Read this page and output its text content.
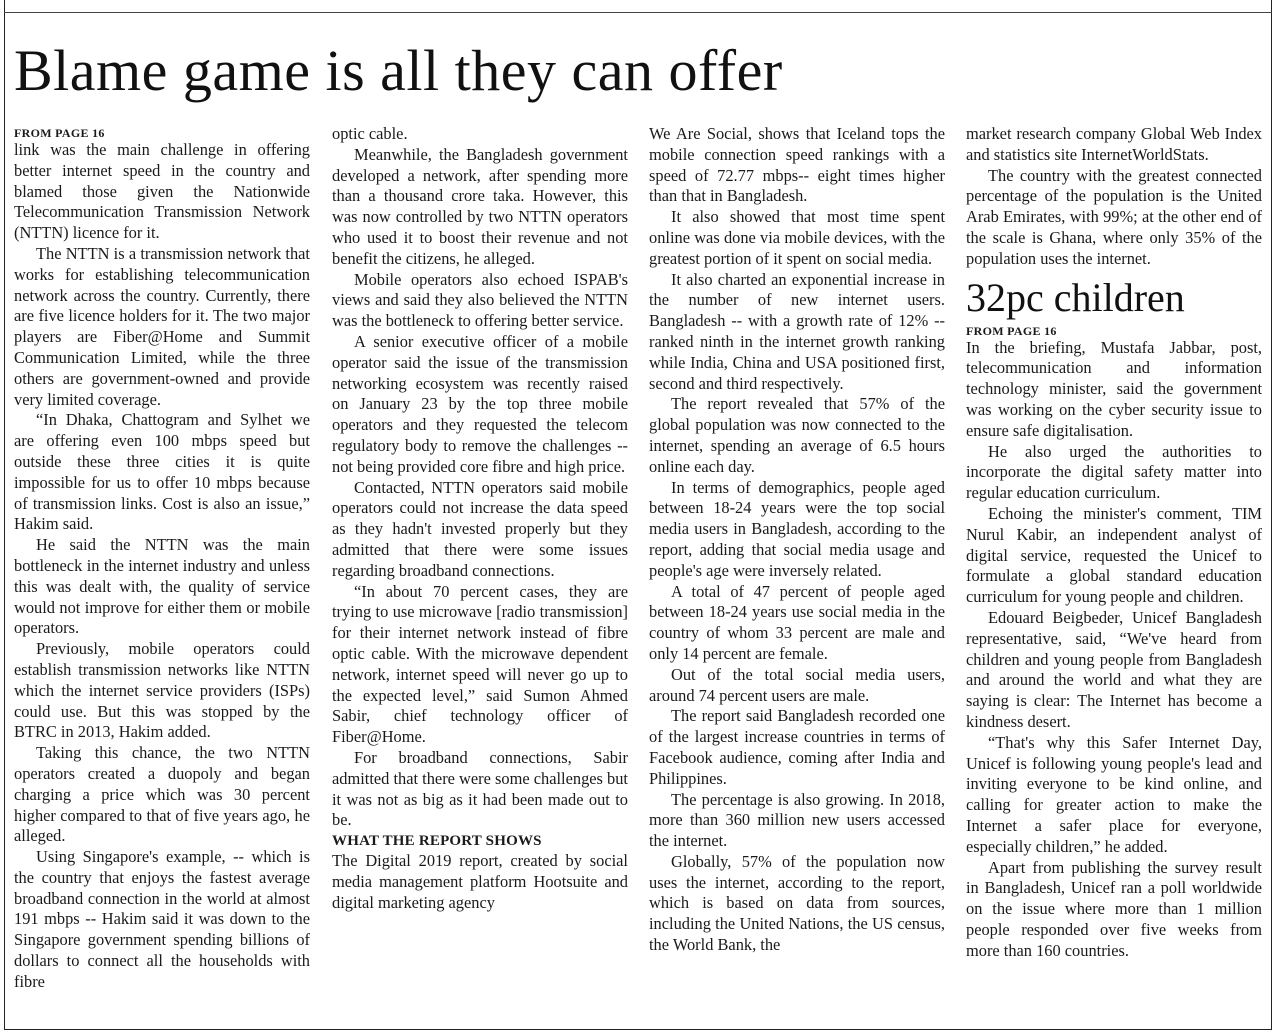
Blame game is all they can offer
FROM PAGE 16

link was the main challenge in offering better internet speed in the country and blamed those given the Nationwide Telecommunication Transmission Network (NTTN) licence for it.

The NTTN is a transmission network that works for establishing telecommunication network across the country. Currently, there are five licence holders for it. The two major players are Fiber@Home and Summit Communication Limited, while the three others are government-owned and provide very limited coverage.

“In Dhaka, Chattogram and Sylhet we are offering even 100 mbps speed but outside these three cities it is quite impossible for us to offer 10 mbps because of transmission links. Cost is also an issue,” Hakim said.

He said the NTTN was the main bottleneck in the internet industry and unless this was dealt with, the quality of service would not improve for either them or mobile operators.

Previously, mobile operators could establish transmission networks like NTTN which the internet service providers (ISPs) could use. But this was stopped by the BTRC in 2013, Hakim added.

Taking this chance, the two NTTN operators created a duopoly and began charging a price which was 30 percent higher compared to that of five years ago, he alleged.

Using Singapore's example, -- which is the country that enjoys the fastest average broadband connection in the world at almost 191 mbps -- Hakim said it was down to the Singapore government spending billions of dollars to connect all the households with fibre

optic cable.

Meanwhile, the Bangladesh government developed a network, after spending more than a thousand crore taka. However, this was now controlled by two NTTN operators who used it to boost their revenue and not benefit the citizens, he alleged.

Mobile operators also echoed ISPAB's views and said they also believed the NTTN was the bottleneck to offering better service.

A senior executive officer of a mobile operator said the issue of the transmission networking ecosystem was recently raised on January 23 by the top three mobile operators and they requested the telecom regulatory body to remove the challenges -- not being provided core fibre and high price.

Contacted, NTTN operators said mobile operators could not increase the data speed as they hadn't invested properly but they admitted that there were some issues regarding broadband connections.

“In about 70 percent cases, they are trying to use microwave [radio transmission] for their internet network instead of fibre optic cable. With the microwave dependent network, internet speed will never go up to the expected level,” said Sumon Ahmed Sabir, chief technology officer of Fiber@Home.

For broadband connections, Sabir admitted that there were some challenges but it was not as big as it had been made out to be.

WHAT THE REPORT SHOWS

The Digital 2019 report, created by social media management platform Hootsuite and digital marketing agency

We Are Social, shows that Iceland tops the mobile connection speed rankings with a speed of 72.77 mbps-- eight times higher than that in Bangladesh.

It also showed that most time spent online was done via mobile devices, with the greatest portion of it spent on social media.

It also charted an exponential increase in the number of new internet users. Bangladesh -- with a growth rate of 12% -- ranked ninth in the internet growth ranking while India, China and USA positioned first, second and third respectively.

The report revealed that 57% of the global population was now connected to the internet, spending an average of 6.5 hours online each day.

In terms of demographics, people aged between 18-24 years were the top social media users in Bangladesh, according to the report, adding that social media usage and people's age were inversely related.

A total of 47 percent of people aged between 18-24 years use social media in the country of whom 33 percent are male and only 14 percent are female.

Out of the total social media users, around 74 percent users are male.

The report said Bangladesh recorded one of the largest increase countries in terms of Facebook audience, coming after India and Philippines.

The percentage is also growing. In 2018, more than 360 million new users accessed the internet.

Globally, 57% of the population now uses the internet, according to the report, which is based on data from sources, including the United Nations, the US census, the World Bank, the

market research company Global Web Index and statistics site InternetWorldStats.

The country with the greatest connected percentage of the population is the United Arab Emirates, with 99%; at the other end of the scale is Ghana, where only 35% of the population uses the internet.

32pc children
FROM PAGE 16

In the briefing, Mustafa Jabbar, post, telecommunication and information technology minister, said the government was working on the cyber security issue to ensure safe digitalisation.

He also urged the authorities to incorporate the digital safety matter into regular education curriculum.

Echoing the minister's comment, TIM Nurul Kabir, an independent analyst of digital service, requested the Unicef to formulate a global standard education curriculum for young people and children.

Edouard Beigbeder, Unicef Bangladesh representative, said, “We've heard from children and young people from Bangladesh and around the world and what they are saying is clear: The Internet has become a kindness desert.

“That's why this Safer Internet Day, Unicef is following young people's lead and inviting everyone to be kind online, and calling for greater action to make the Internet a safer place for everyone, especially children,” he added.

Apart from publishing the survey result in Bangladesh, Unicef ran a poll worldwide on the issue where more than 1 million people responded over five weeks from more than 160 countries.
